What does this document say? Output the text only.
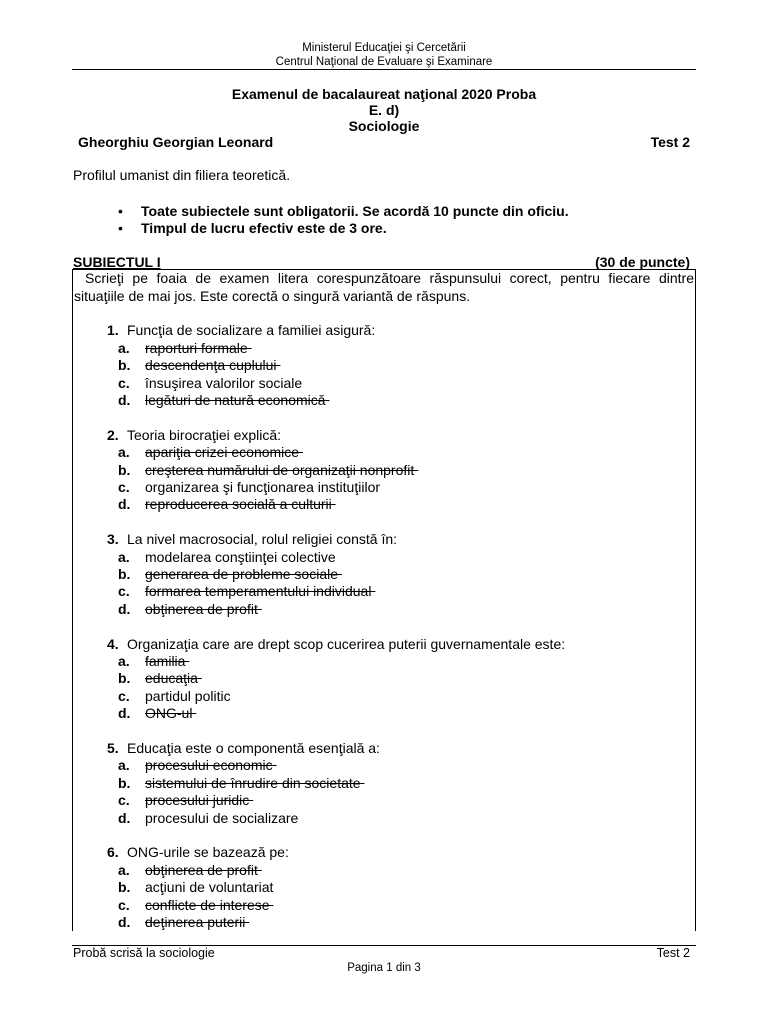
Ministerul Educaţiei şi Cercetării
Centrul Naţional de Evaluare şi Examinare
Examenul de bacalaureat naţional 2020 Proba
E. d)
Sociologie
Gheorghiu Georgian Leonard	Test 2
Profilul umanist din filiera teoretică.
•
Toate subiectele sunt obligatorii. Se acordă 10 puncte din oficiu.
•
Timpul de lucru efectiv este de 3 ore.
SUBIECTUL I	(30 de puncte)

Scrieţi pe foaia de examen litera corespunzătoare răspunsului corect, pentru fiecare dintre situaţiile de mai jos. Este corectă o singură variantă de răspuns.

1. Funcţia de socializare a familiei asigură:
a.	raporturi formale
b.	descendenţa cuplului
c.	însuşirea valorilor sociale
d.	legături de natură economică
2. Teoria birocraţiei explică:
a.	apariţia crizei economice
b.	creşterea numărului de organizaţii nonprofit
c.	organizarea şi funcţionarea instituţiilor
d.	reproducerea socială a culturii
3. La nivel macrosocial, rolul religiei constă în:
a.	modelarea conştiinţei colective
b.	generarea de probleme sociale
c.	formarea temperamentului individual
d.	obţinerea de profit
4. Organizaţia care are drept scop cucerirea puterii guvernamentale este:
a.	familia
b.	educaţia
c.	partidul politic
d.	ONG-ul
5. Educaţia este o componentă esenţială a:
a.	procesului economic
b.	sistemului de înrudire din societate
c.	procesului juridic
d.	procesului de socializare
6. ONG-urile se bazează pe:
a.	obţinerea de profit
b.	acţiuni de voluntariat
c.	conflicte de interese
d.	deţinerea puterii
Probă scrisă la sociologie	Test 2
Pagina 1 din 3
